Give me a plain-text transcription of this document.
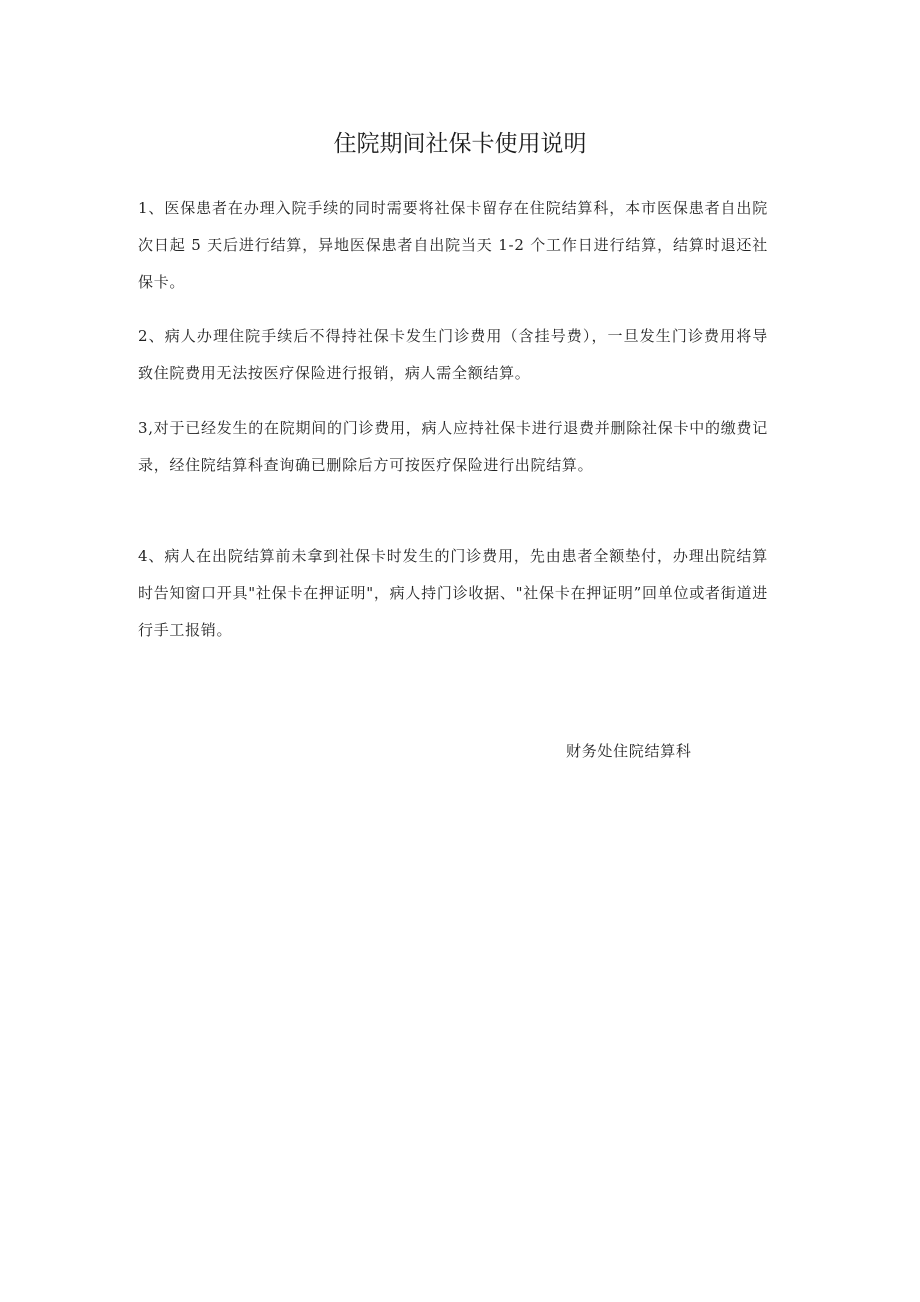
住院期间社保卡使用说明

1、医保患者在办理入院手续的同时需要将社保卡留存在住院结算科，本市医保患者自出院次日起 5 天后进行结算，异地医保患者自出院当天 1-2 个工作日进行结算，结算时退还社保卡。

2、病人办理住院手续后不得持社保卡发生门诊费用（含挂号费），一旦发生门诊费用将导致住院费用无法按医疗保险进行报销，病人需全额结算。

3,对于已经发生的在院期间的门诊费用，病人应持社保卡进行退费并删除社保卡中的缴费记录，经住院结算科查询确已删除后方可按医疗保险进行出院结算。

4、病人在出院结算前未拿到社保卡时发生的门诊费用，先由患者全额垫付，办理出院结算时告知窗口开具"社保卡在押证明"，病人持门诊收据、"社保卡在押证明”回单位或者街道进行手工报销。

财务处住院结算科
